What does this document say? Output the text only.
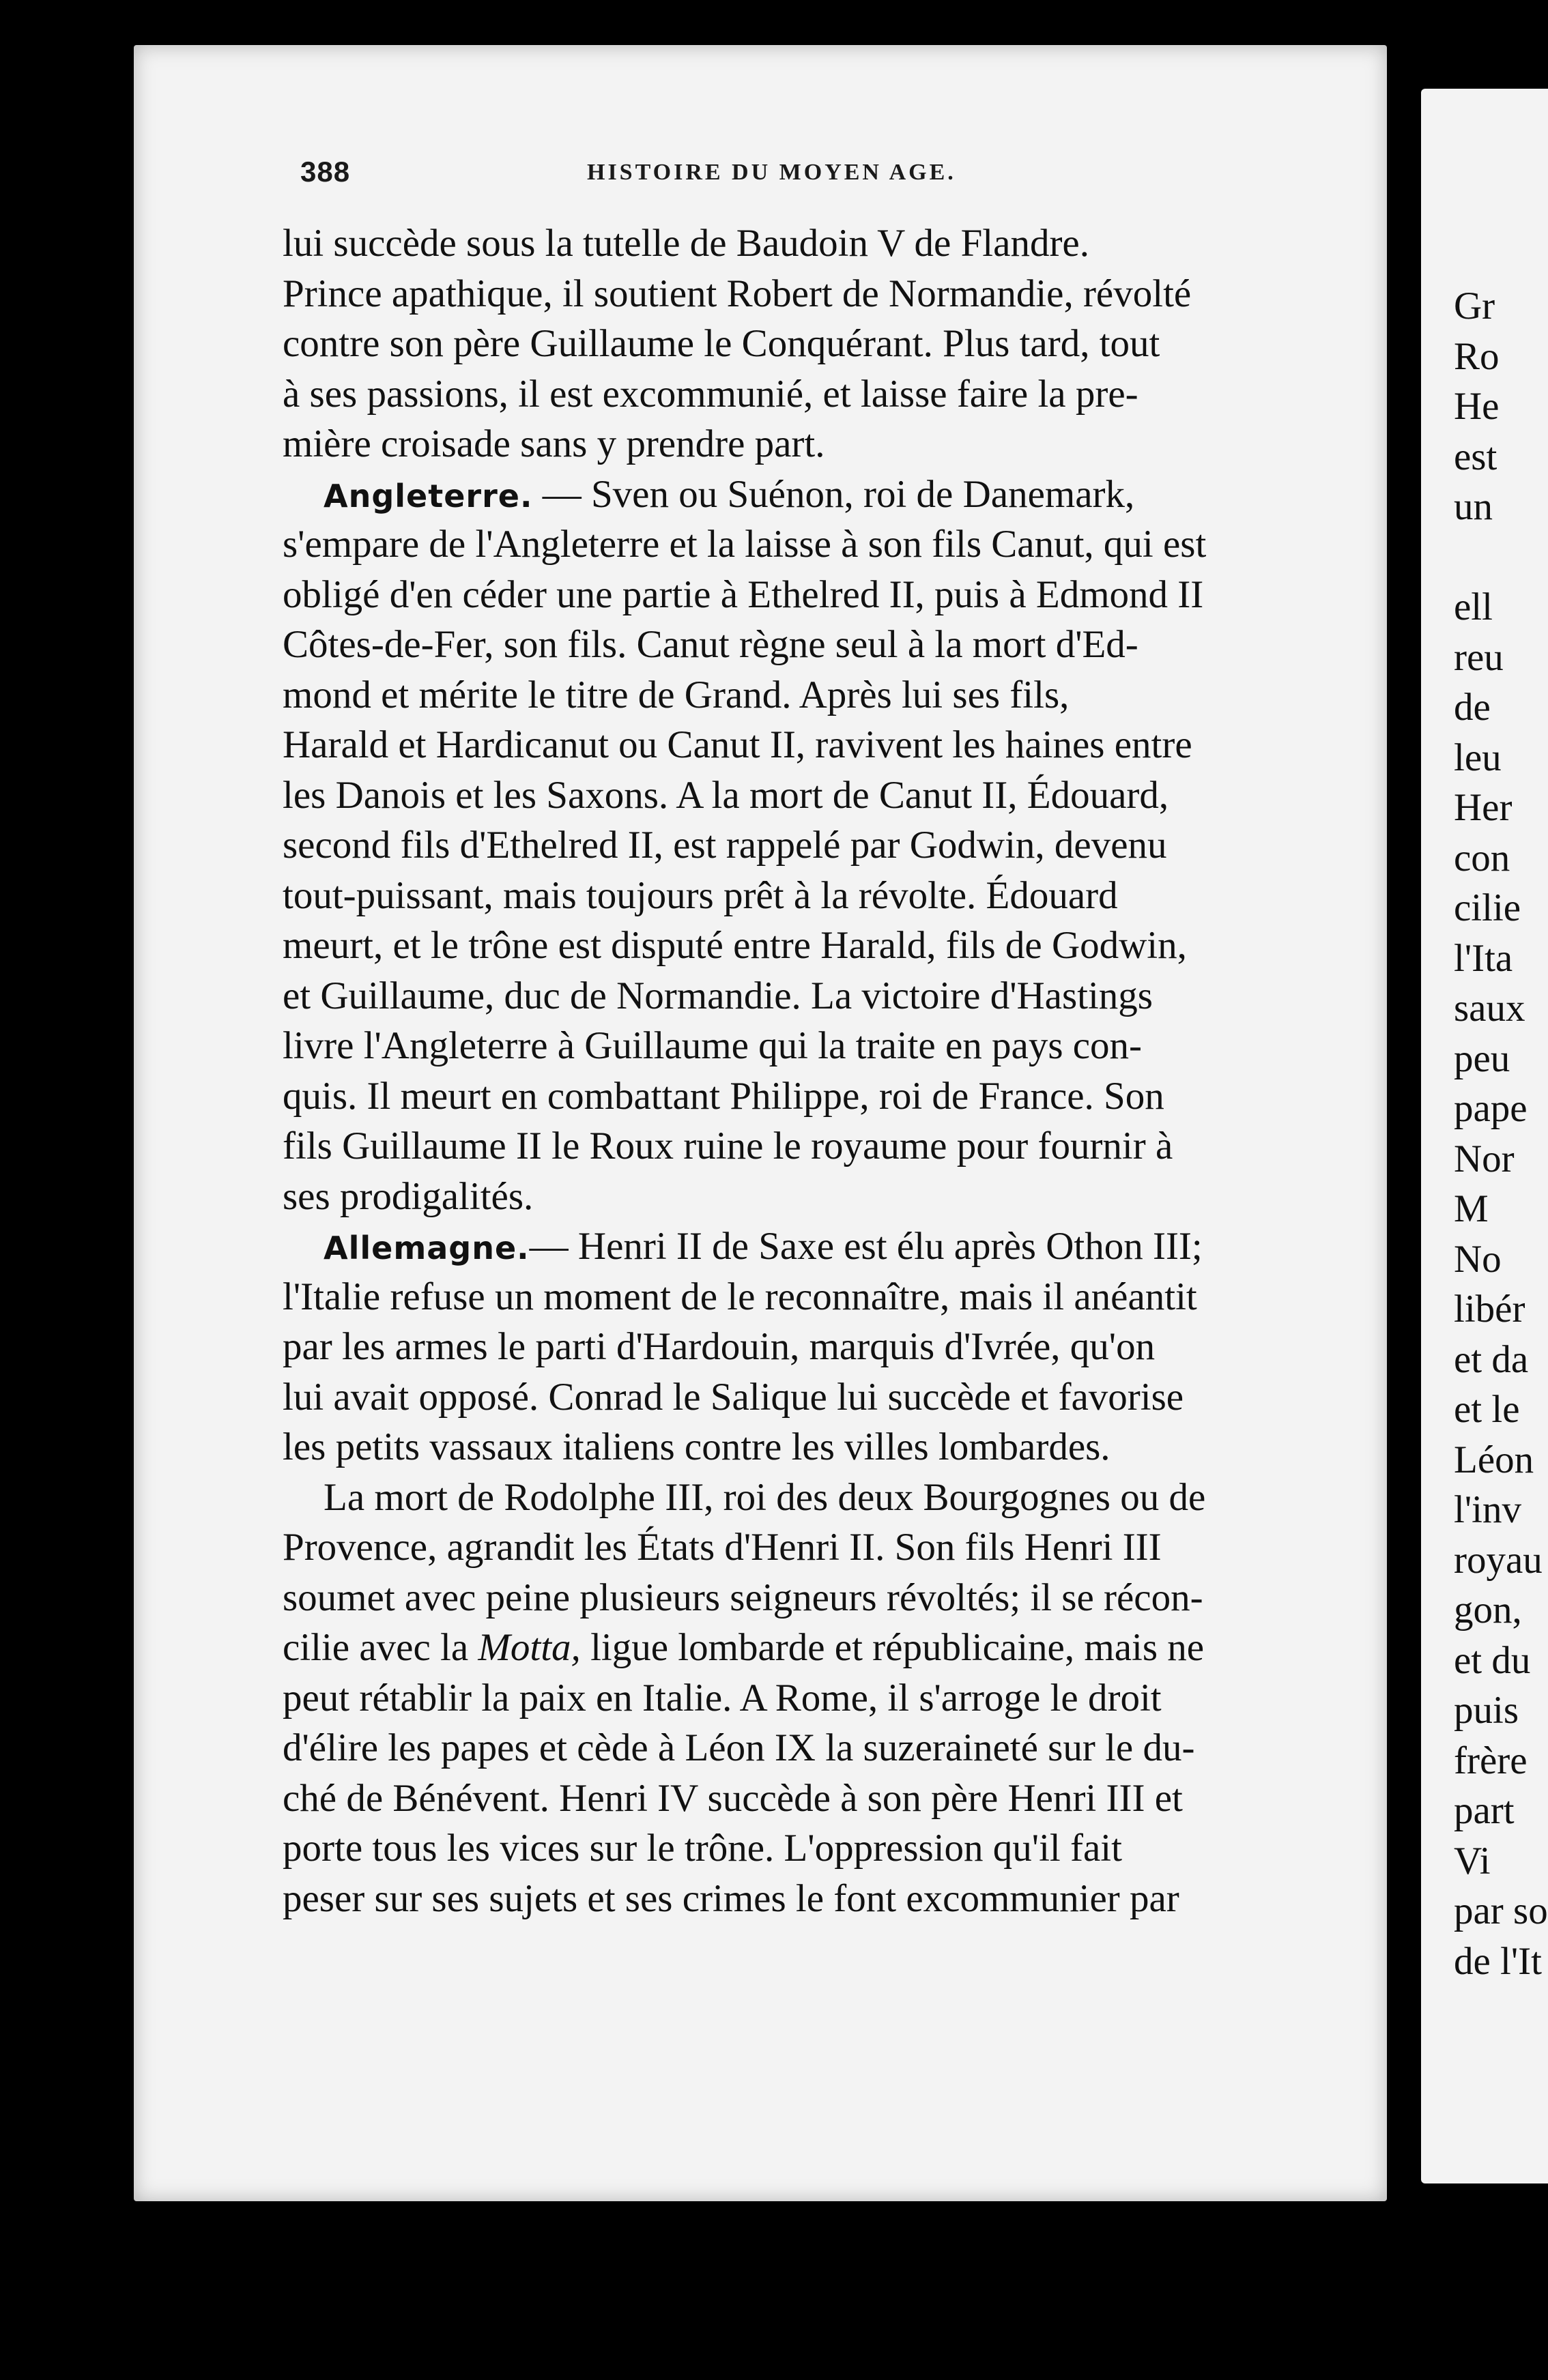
388	HISTOIRE DU MOYEN AGE.
lui succède sous la tutelle de Baudoin V de Flandre.
Prince apathique, il soutient Robert de Normandie, révolté
contre son père Guillaume le Conquérant. Plus tard, tout
à ses passions, il est excommunié, et laisse faire la pre-
mière croisade sans y prendre part.
Angleterre. — Sven ou Suénon, roi de Danemark,
s'empare de l'Angleterre et la laisse à son fils Canut, qui est
obligé d'en céder une partie à Ethelred II, puis à Edmond II
Côtes-de-Fer, son fils. Canut règne seul à la mort d'Ed-
mond et mérite le titre de Grand. Après lui ses fils,
Harald et Hardicanut ou Canut II, ravivent les haines entre
les Danois et les Saxons. A la mort de Canut II, Édouard,
second fils d'Ethelred II, est rappelé par Godwin, devenu
tout-puissant, mais toujours prêt à la révolte. Édouard
meurt, et le trône est disputé entre Harald, fils de Godwin,
et Guillaume, duc de Normandie. La victoire d'Hastings
livre l'Angleterre à Guillaume qui la traite en pays con-
quis. Il meurt en combattant Philippe, roi de France. Son
fils Guillaume II le Roux ruine le royaume pour fournir à
ses prodigalités.
Allemagne.— Henri II de Saxe est élu après Othon III;
l'Italie refuse un moment de le reconnaître, mais il anéantit
par les armes le parti d'Hardouin, marquis d'Ivrée, qu'on
lui avait opposé. Conrad le Salique lui succède et favorise
les petits vassaux italiens contre les villes lombardes.
La mort de Rodolphe III, roi des deux Bourgognes ou de
Provence, agrandit les États d'Henri II. Son fils Henri III
soumet avec peine plusieurs seigneurs révoltés; il se récon-
cilie avec la Motta, ligue lombarde et républicaine, mais ne
peut rétablir la paix en Italie. A Rome, il s'arroge le droit
d'élire les papes et cède à Léon IX la suzeraineté sur le du-
ché de Bénévent. Henri IV succède à son père Henri III et
porte tous les vices sur le trône. L'oppression qu'il fait
peser sur ses sujets et ses crimes le font excommunier par
Gr
Ro
He
est
un
ell
reu
de
leu
Her
con
cilie
l'Ita
saux
peu
pape
Nor
M
No
libér
et da
et le
Léon
l'inv
royau
gon,
et du
puis
frère
part
Vi
par so
de l'It
